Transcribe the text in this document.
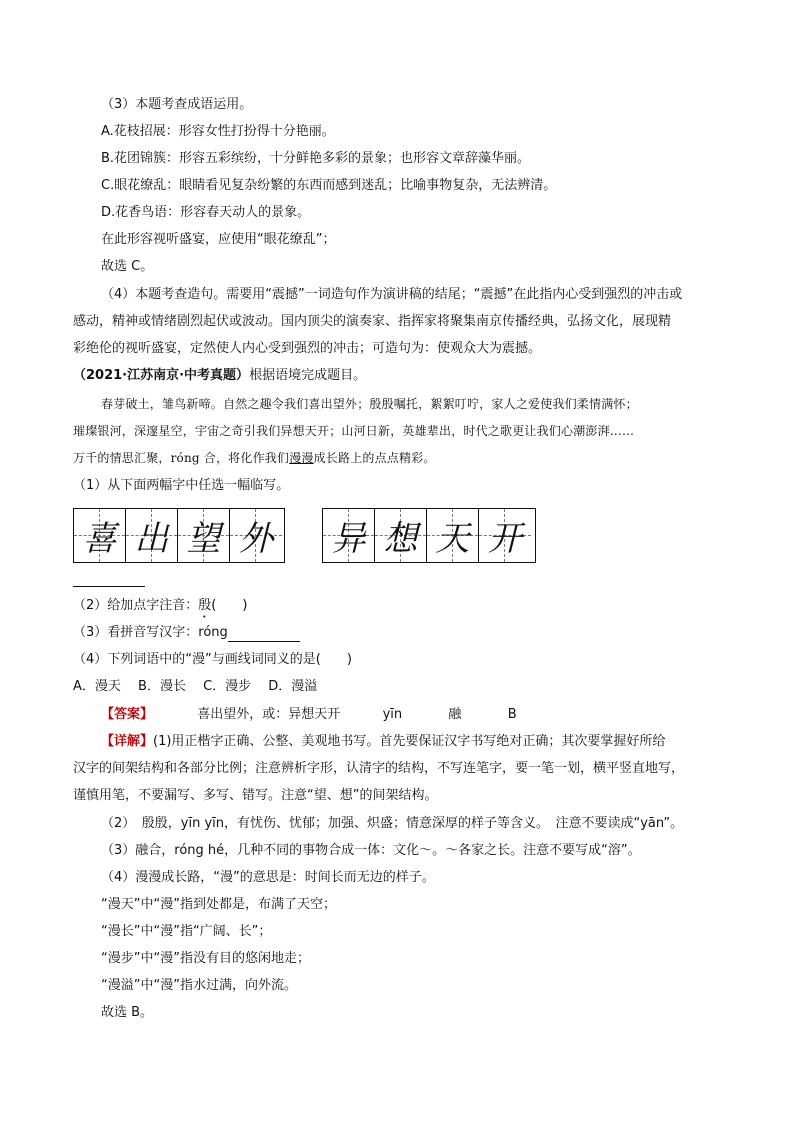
（3）本题考查成语运用。
A.花枝招展：形容女性打扮得十分艳丽。
B.花团锦簇：形容五彩缤纷，十分鲜艳多彩的景象；也形容文章辞藻华丽。
C.眼花缭乱：眼睛看见复杂纷繁的东西而感到迷乱；比喻事物复杂，无法辨清。
D.花香鸟语：形容春天动人的景象。
在此形容视听盛宴，应使用“眼花缭乱”；
故选 C。
（4）本题考查造句。需要用“震撼”一词造句作为演讲稿的结尾；“震撼”在此指内心受到强烈的冲击或
感动，精神或情绪剧烈起伏或波动。国内顶尖的演奏家、指挥家将聚集南京传播经典，弘扬文化，展现精
彩绝伦的视听盛宴，定然使人内心受到强烈的冲击；可造句为：使观众大为震撼。
（2021·江苏南京·中考真题）根据语境完成题目。
春芽破土，雏鸟新啼。自然之趣令我们喜出望外；殷殷嘱托，絮絮叮咛，家人之爱使我们柔情满怀；
璀璨银河，深邃星空，宇宙之奇引我们异想天开；山河日新，英雄辈出，时代之歌更让我们心潮澎湃……
万千的情思汇聚，róng 合，将化作我们漫漫成长路上的点点精彩。
（1）从下面两幅字中任选一幅临写。
喜 出 望 外 异 想 天 开
（2）给加点字注音：殷(　　)
（3）看拼音写汉字：róng
（4）下列词语中的“漫”与画线词同义的是(　　)
A．漫天　 B．漫长　 C．漫步　 D．漫溢
【答案】	喜出望外，或：异想天开	yīn	融	B
【详解】(1)用正楷字正确、公整、美观地书写。首先要保证汉字书写绝对正确；其次要掌握好所给
汉字的间架结构和各部分比例；注意辨析字形，认清字的结构，不写连笔字，要一笔一划，横平竖直地写，
谨慎用笔，不要漏写、多写、错写。注意“望、想”的间架结构。
（2）　殷殷，yīn yīn，有忧伤、忧郁；加强、炽盛；情意深厚的样子等含义。　注意不要读成“yān”。
（3）融合，róng hé，几种不同的事物合成一体：文化～。～各家之长。注意不要写成“溶”。
（4）漫漫成长路，“漫”的意思是：时间长而无边的样子。
“漫天”中“漫”指到处都是，布满了天空；
“漫长”中“漫”指“广阔、长”；
“漫步”中“漫”指没有目的悠闲地走；
“漫溢”中“漫”指水过满，向外流。
故选 B。
